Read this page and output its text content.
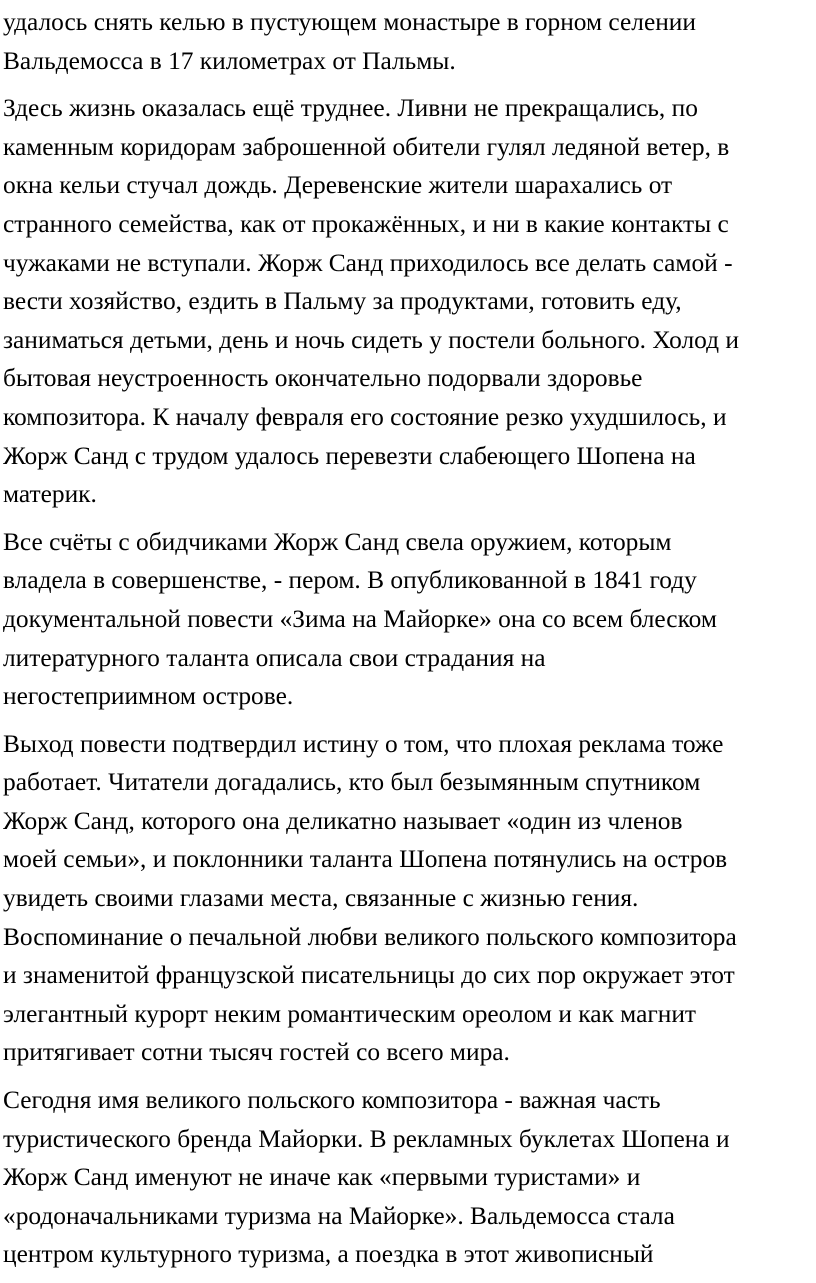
удалось снять келью в пустующем монастыре в горном селении
Вальдемосса в 17 километрах от Пальмы.

Здесь жизнь оказалась ещё труднее. Ливни не прекращались, по
каменным коридорам заброшенной обители гулял ледяной ветер, в
окна кельи стучал дождь. Деревенские жители шарахались от
странного семейства, как от прокажённых, и ни в какие контакты с
чужаками не вступали. Жорж Санд приходилось все делать самой -
вести хозяйство, ездить в Пальму за продуктами, готовить еду,
заниматься детьми, день и ночь сидеть у постели больного. Холод и
бытовая неустроенность окончательно подорвали здоровье
композитора. К началу февраля его состояние резко ухудшилось, и
Жорж Санд с трудом удалось перевезти слабеющего Шопена на
материк.

Все счёты с обидчиками Жорж Санд свела оружием, которым
владела в совершенстве, - пером. В опубликованной в 1841 году
документальной повести «Зима на Майорке» она со всем блеском
литературного таланта описала свои страдания на
негостеприимном острове.

Выход повести подтвердил истину о том, что плохая реклама тоже
работает. Читатели догадались, кто был безымянным спутником
Жорж Санд, которого она деликатно называет «один из членов
моей семьи», и поклонники таланта Шопена потянулись на остров
увидеть своими глазами места, связанные с жизнью гения.
Воспоминание о печальной любви великого польского композитора
и знаменитой французской писательницы до сих пор окружает этот
элегантный курорт неким романтическим ореолом и как магнит
притягивает сотни тысяч гостей со всего мира.

Сегодня имя великого польского композитора - важная часть
туристического бренда Майорки. В рекламных буклетах Шопена и
Жорж Санд именуют не иначе как «первыми туристами» и
«родоначальниками туризма на Майорке». Вальдемосса стала
центром культурного туризма, а поездка в этот живописный
